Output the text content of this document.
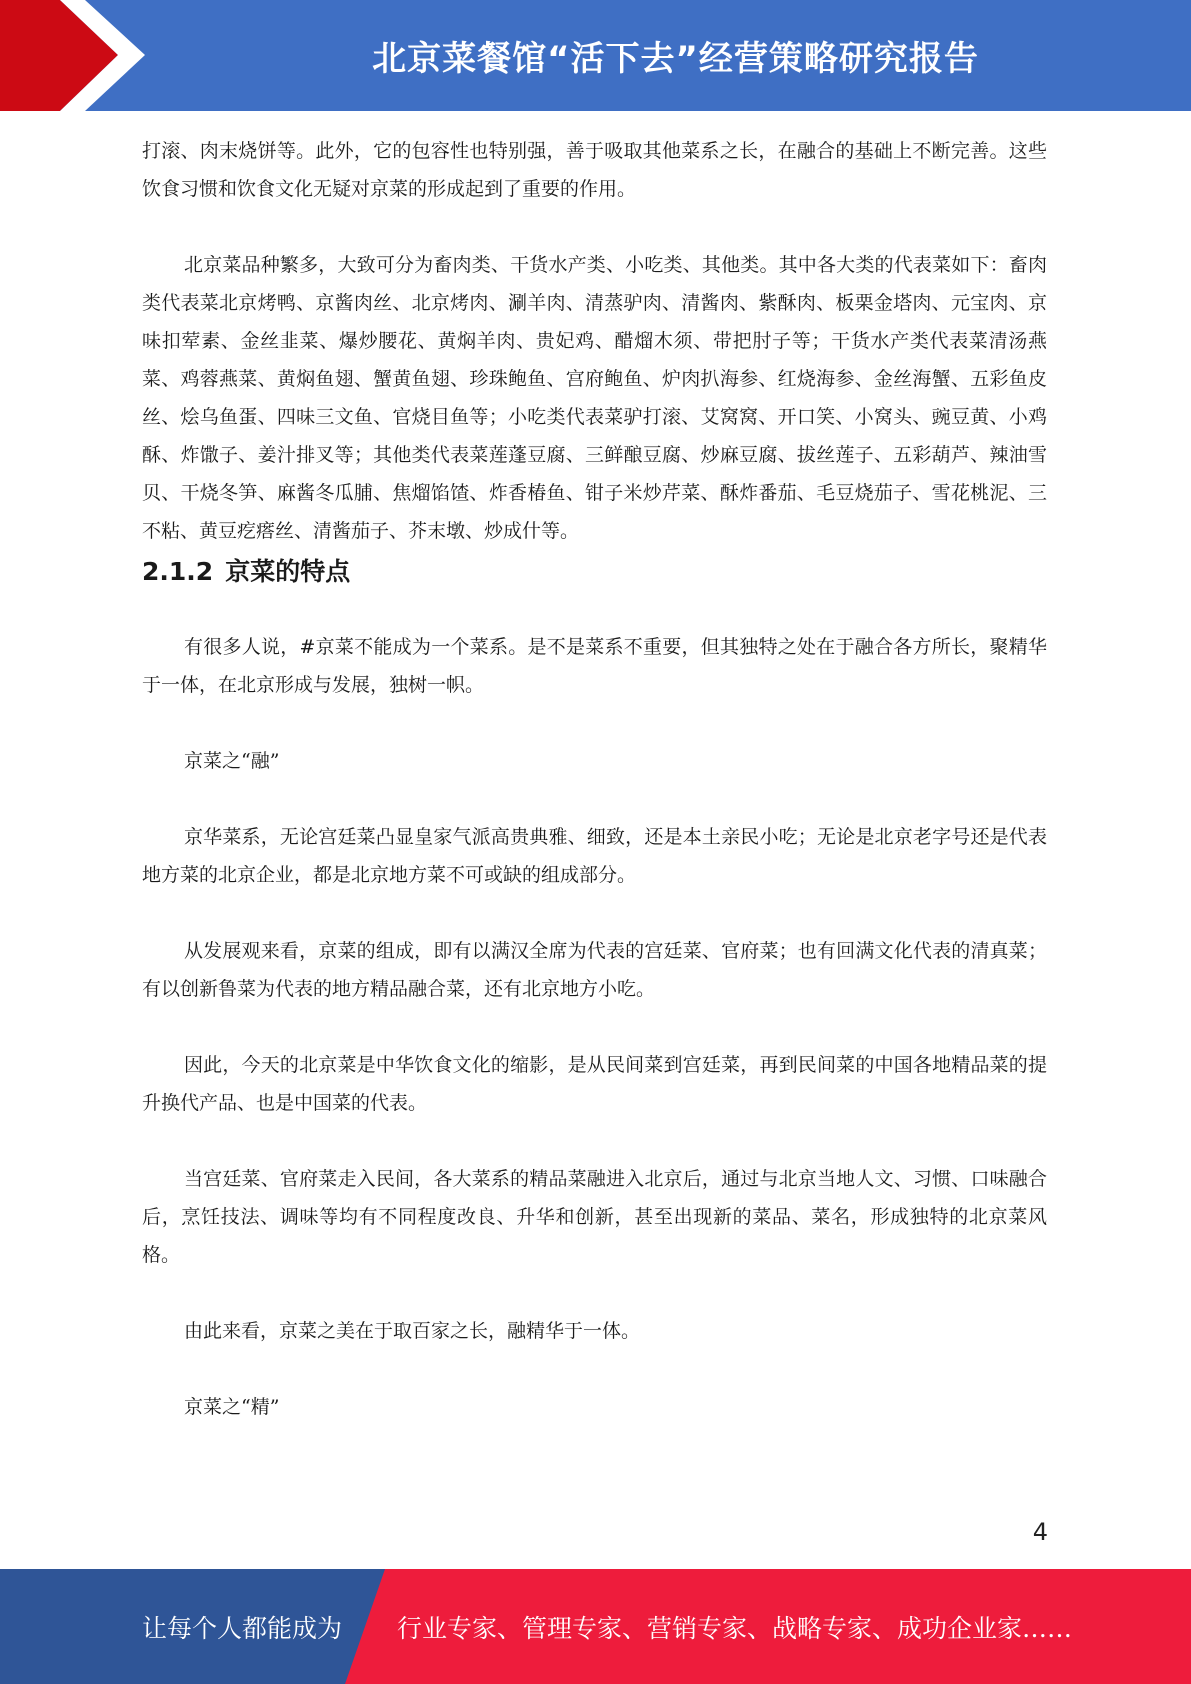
北京菜餐馆“活下去”经营策略研究报告

打滚、肉末烧饼等。此外，它的包容性也特别强，善于吸取其他菜系之长，在融合的基础上不断完善。这些饮食习惯和饮食文化无疑对京菜的形成起到了重要的作用。

北京菜品种繁多，大致可分为畜肉类、干货水产类、小吃类、其他类。其中各大类的代表菜如下：畜肉类代表菜北京烤鸭、京酱肉丝、北京烤肉、涮羊肉、清蒸驴肉、清酱肉、紫酥肉、板栗金塔肉、元宝肉、京味扣荤素、金丝韭菜、爆炒腰花、黄焖羊肉、贵妃鸡、醋熘木须、带把肘子等；干货水产类代表菜清汤燕菜、鸡蓉燕菜、黄焖鱼翅、蟹黄鱼翅、珍珠鲍鱼、宫府鲍鱼、炉肉扒海参、红烧海参、金丝海蟹、五彩鱼皮丝、烩乌鱼蛋、四味三文鱼、官烧目鱼等；小吃类代表菜驴打滚、艾窝窝、开口笑、小窝头、豌豆黄、小鸡酥、炸馓子、姜汁排叉等；其他类代表菜莲蓬豆腐、三鲜酿豆腐、炒麻豆腐、拔丝莲子、五彩葫芦、辣油雪贝、干烧冬笋、麻酱冬瓜脯、焦熘馅馇、炸香椿鱼、钳子米炒芹菜、酥炸番茄、毛豆烧茄子、雪花桃泥、三不粘、黄豆疙瘩丝、清酱茄子、芥末墩、炒成什等。

2.1.2 京菜的特点

有很多人说，#京菜不能成为一个菜系。是不是菜系不重要，但其独特之处在于融合各方所长，聚精华于一体，在北京形成与发展，独树一帜。

京菜之“融”

京华菜系，无论宫廷菜凸显皇家气派高贵典雅、细致，还是本土亲民小吃；无论是北京老字号还是代表地方菜的北京企业，都是北京地方菜不可或缺的组成部分。

从发展观来看，京菜的组成，即有以满汉全席为代表的宫廷菜、官府菜；也有回满文化代表的清真菜；有以创新鲁菜为代表的地方精品融合菜，还有北京地方小吃。

因此，今天的北京菜是中华饮食文化的缩影，是从民间菜到宫廷菜，再到民间菜的中国各地精品菜的提升换代产品、也是中国菜的代表。

当宫廷菜、官府菜走入民间，各大菜系的精品菜融进入北京后，通过与北京当地人文、习惯、口味融合后，烹饪技法、调味等均有不同程度改良、升华和创新，甚至出现新的菜品、菜名，形成独特的北京菜风格。

由此来看，京菜之美在于取百家之长，融精华于一体。

京菜之“精”

4
让每个人都能成为 行业专家、管理专家、营销专家、战略专家、成功企业家……
